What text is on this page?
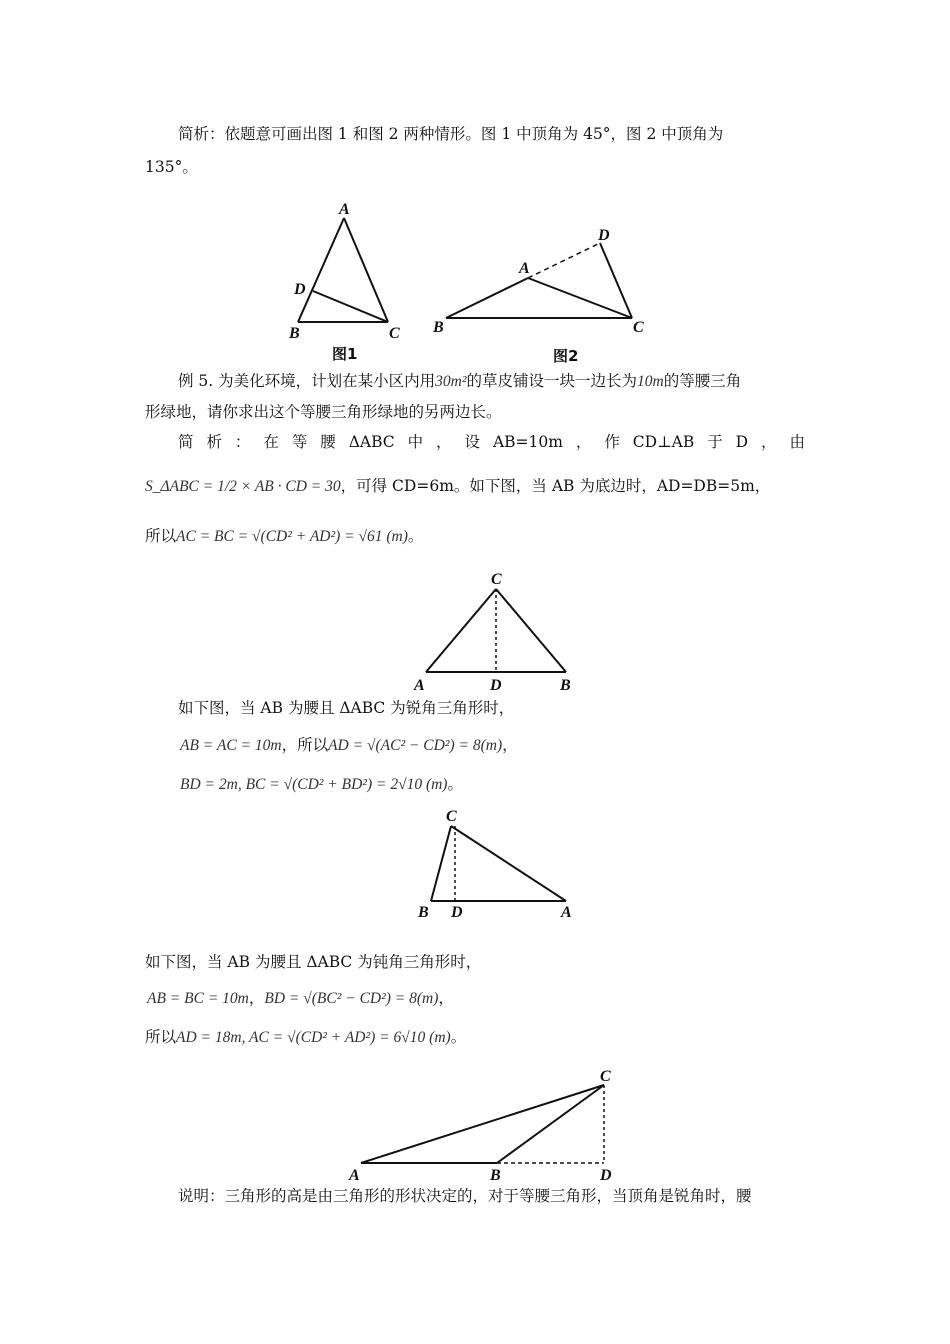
简析：依题意可画出图 1 和图 2 两种情形。图 1 中顶角为 45°，图 2 中顶角为
135°。
A
D
B	C
图1
D
A
B	C
图2
C
A	D	B
C
B D	A
C
A	B	D
例 5. 为美化环境，计划在某小区内用30m²的草皮铺设一块一边长为10m的等腰三角
形绿地，请你求出这个等腰三角形绿地的另两边长。
简 析 ： 在 等 腰 ΔABC 中 ， 设 AB=10m ， 作 CD⊥AB 于 D ， 由
S_ΔABC = 1/2 × AB · CD = 30，可得 CD=6m。如下图，当 AB 为底边时，AD=DB=5m，
所以AC = BC = √(CD² + AD²) = √61 (m)。
如下图，当 AB 为腰且 ΔABC 为锐角三角形时，
AB = AC = 10m，所以AD = √(AC² − CD²) = 8(m)，
BD = 2m, BC = √(CD² + BD²) = 2√10 (m)。
如下图，当 AB 为腰且 ΔABC 为钝角三角形时，
AB = BC = 10m，BD = √(BC² − CD²) = 8(m)，
所以AD = 18m, AC = √(CD² + AD²) = 6√10 (m)。
说明：三角形的高是由三角形的形状决定的，对于等腰三角形，当顶角是锐角时，腰
